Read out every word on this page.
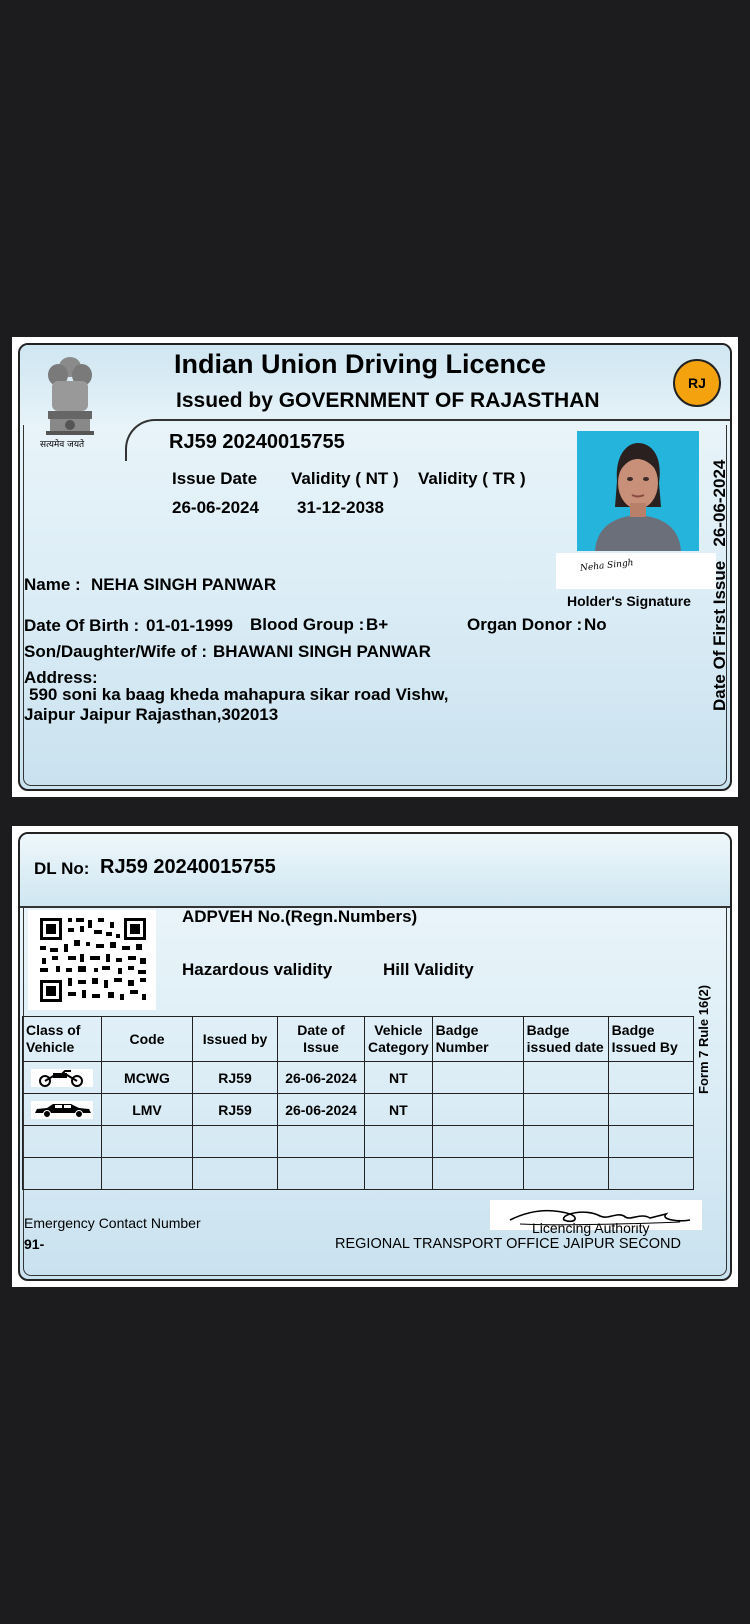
सत्यमेव जयते
Indian Union Driving Licence
Issued by GOVERNMENT OF RAJASTHAN
RJ
RJ59 20240015755
Issue Date Validity ( NT ) Validity ( TR )
26-06-2024 31-12-2038
Neha Singh
Holder's Signature Date Of First Issue   26-06-2024
Name : NEHA SINGH PANWAR
Date Of Birth : 01-01-1999 Blood Group : B+	Organ Donor : No
Son/Daughter/Wife of : BHAWANI SINGH PANWAR
Address:
590 soni ka baag kheda mahapura sikar road Vishw,
Jaipur Jaipur Rajasthan,302013
DL No: RJ59 20240015755
ADPVEH No.(Regn.Numbers)
Hazardous validity	Hill Validity
Form 7 Rule 16(2)
Class of Vehicle	Code	Issued by	Date of Issue	Vehicle Category	Badge Number	Badge issued date	Badge Issued By

	MCWG	RJ59	26-06-2024	NT			

	LMV	RJ59	26-06-2024	NT			

Emergency Contact Number
91-
Licencing Authority
REGIONAL TRANSPORT OFFICE JAIPUR SECOND
